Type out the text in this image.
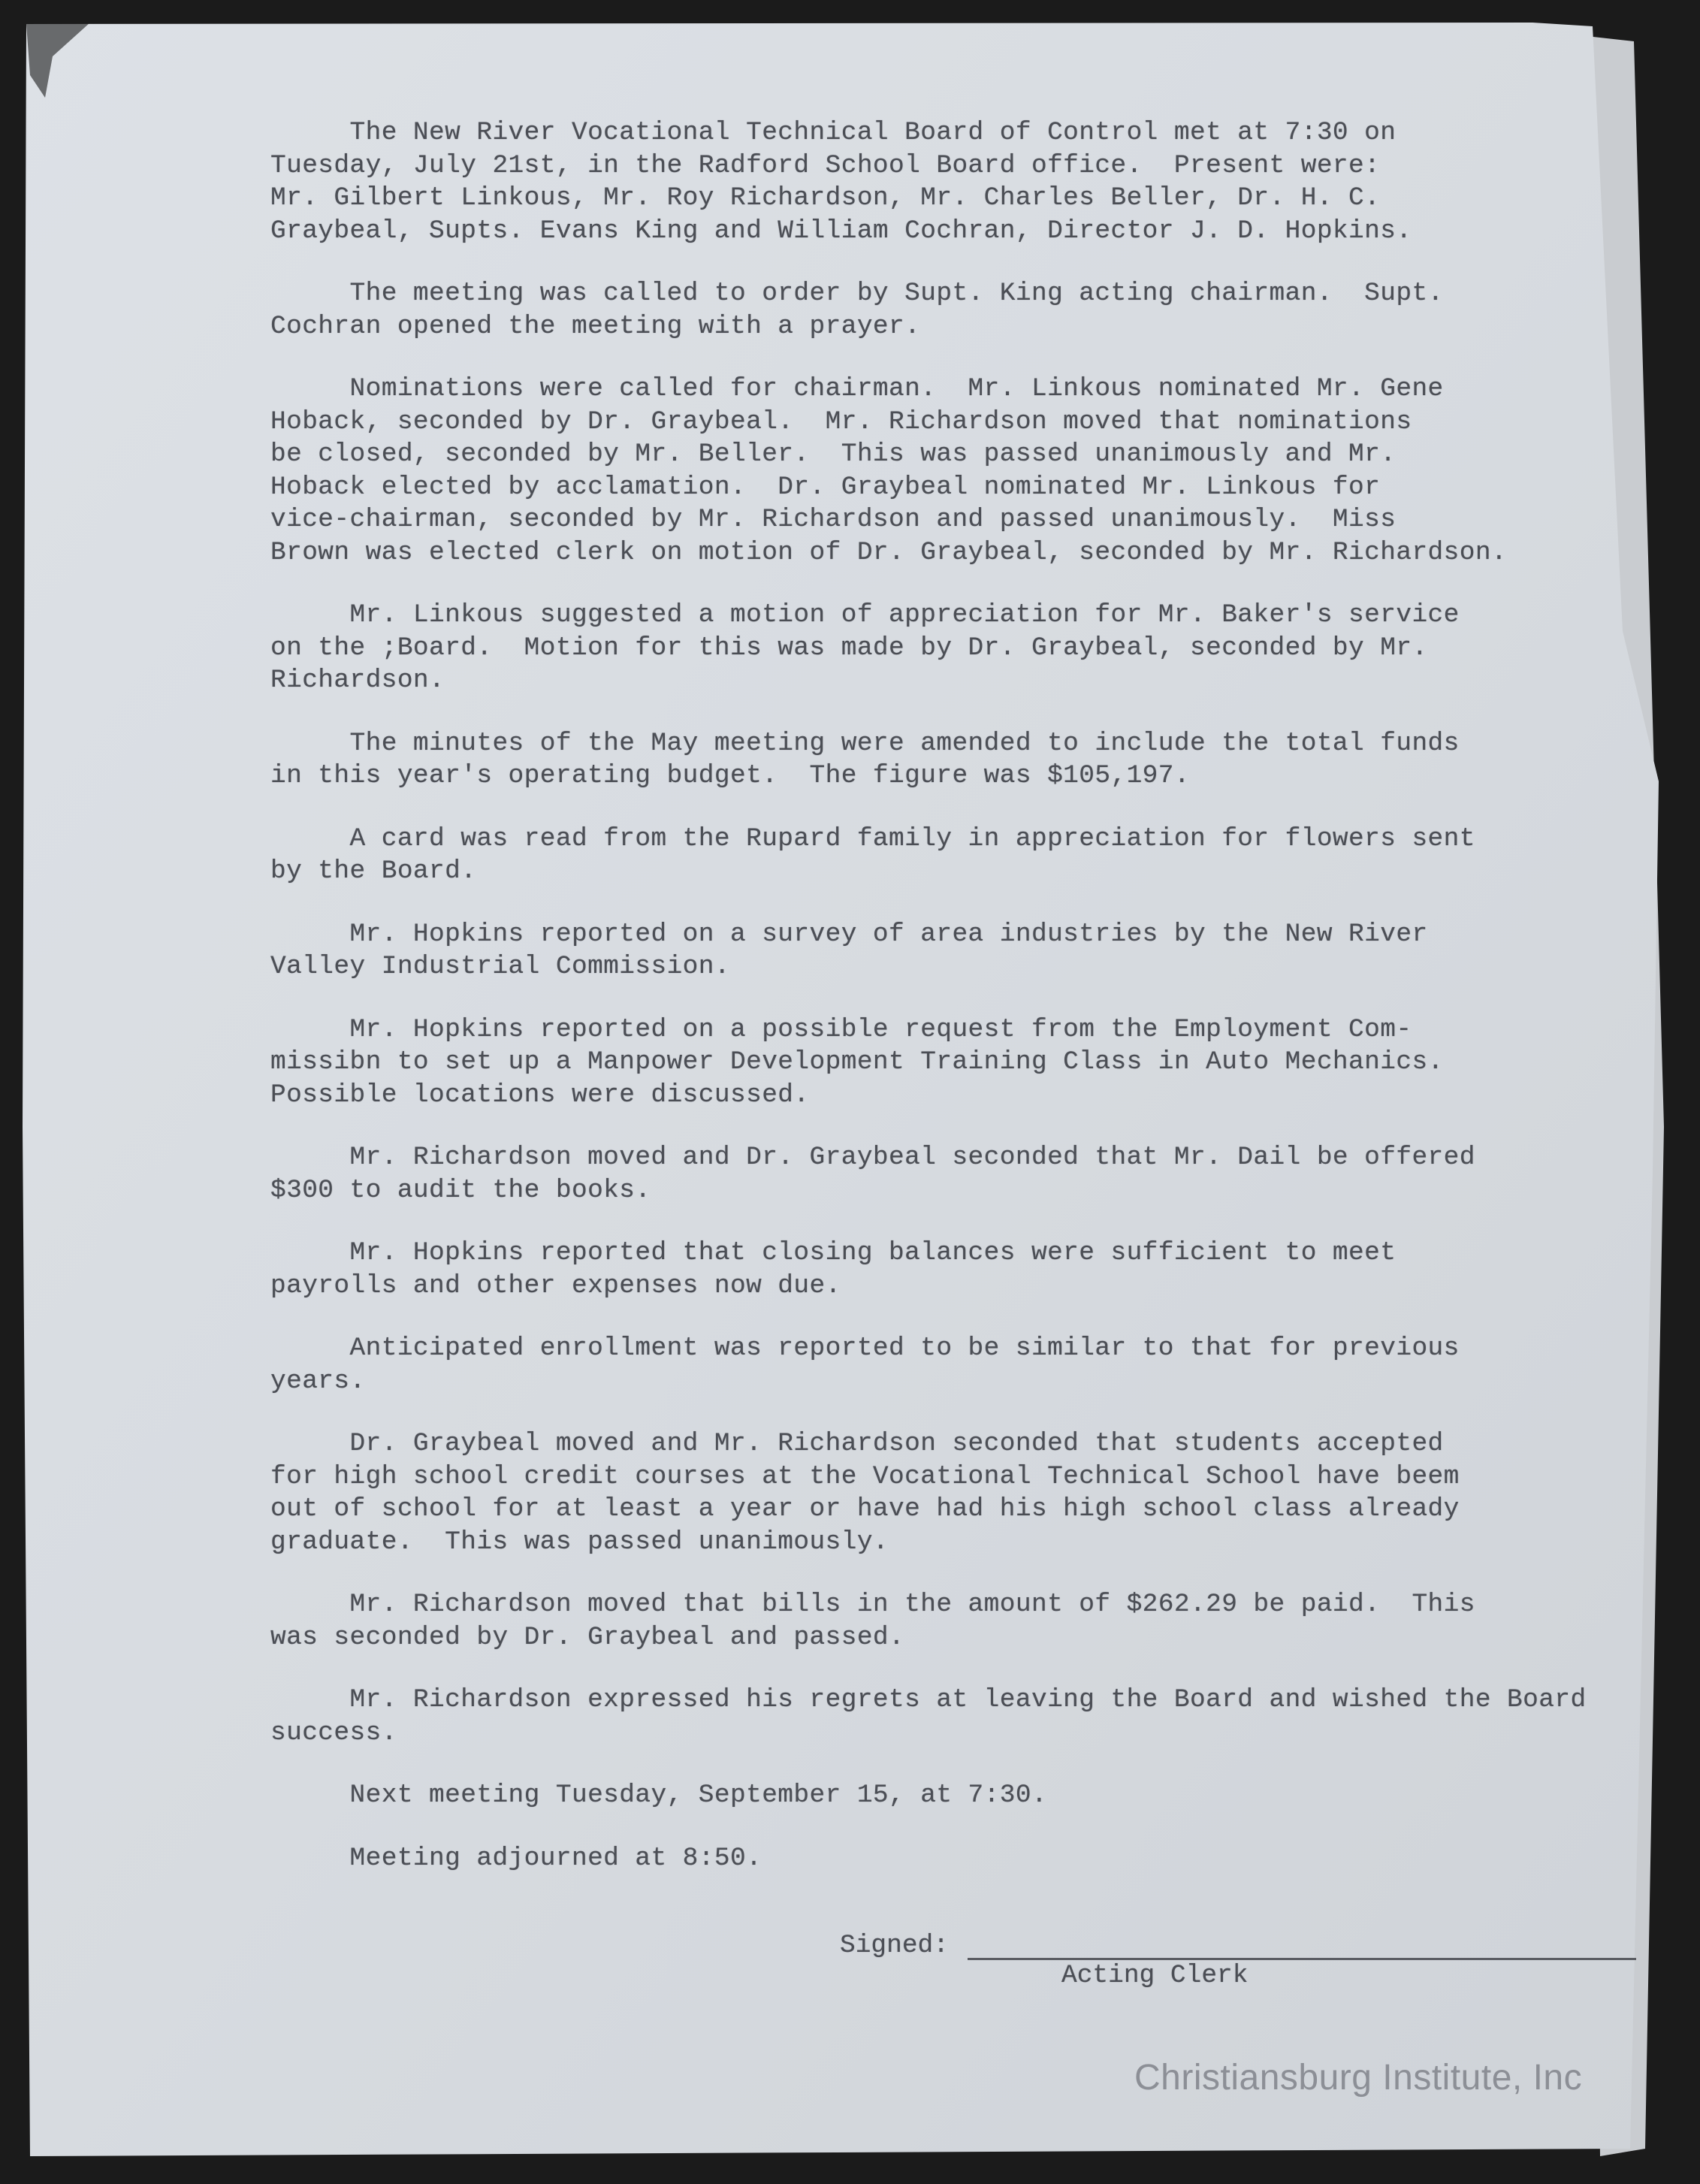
The New River Vocational Technical Board of Control met at 7:30 on
Tuesday, July 21st, in the Radford School Board office.  Present were:
Mr. Gilbert Linkous, Mr. Roy Richardson, Mr. Charles Beller, Dr. H. C.
Graybeal, Supts. Evans King and William Cochran, Director J. D. Hopkins.
The meeting was called to order by Supt. King acting chairman.  Supt.
Cochran opened the meeting with a prayer.
Nominations were called for chairman.  Mr. Linkous nominated Mr. Gene
Hoback, seconded by Dr. Graybeal.  Mr. Richardson moved that nominations
be closed, seconded by Mr. Beller.  This was passed unanimously and Mr.
Hoback elected by acclamation.  Dr. Graybeal nominated Mr. Linkous for
vice-chairman, seconded by Mr. Richardson and passed unanimously.  Miss
Brown was elected clerk on motion of Dr. Graybeal, seconded by Mr. Richardson.
Mr. Linkous suggested a motion of appreciation for Mr. Baker's service
on the ;Board.  Motion for this was made by Dr. Graybeal, seconded by Mr.
Richardson.
The minutes of the May meeting were amended to include the total funds
in this year's operating budget.  The figure was $105,197.
A card was read from the Rupard family in appreciation for flowers sent
by the Board.
Mr. Hopkins reported on a survey of area industries by the New River
Valley Industrial Commission.
Mr. Hopkins reported on a possible request from the Employment Com-
missibn to set up a Manpower Development Training Class in Auto Mechanics.
Possible locations were discussed.
Mr. Richardson moved and Dr. Graybeal seconded that Mr. Dail be offered
$300 to audit the books.
Mr. Hopkins reported that closing balances were sufficient to meet
payrolls and other expenses now due.
Anticipated enrollment was reported to be similar to that for previous
years.
Dr. Graybeal moved and Mr. Richardson seconded that students accepted
for high school credit courses at the Vocational Technical School have beem
out of school for at least a year or have had his high school class already
graduate.  This was passed unanimously.
Mr. Richardson moved that bills in the amount of $262.29 be paid.  This
was seconded by Dr. Graybeal and passed.
Mr. Richardson expressed his regrets at leaving the Board and wished the Board
success.
Next meeting Tuesday, September 15, at 7:30.
Meeting adjourned at 8:50.
Signed:
Acting Clerk
Christiansburg Institute, Inc
